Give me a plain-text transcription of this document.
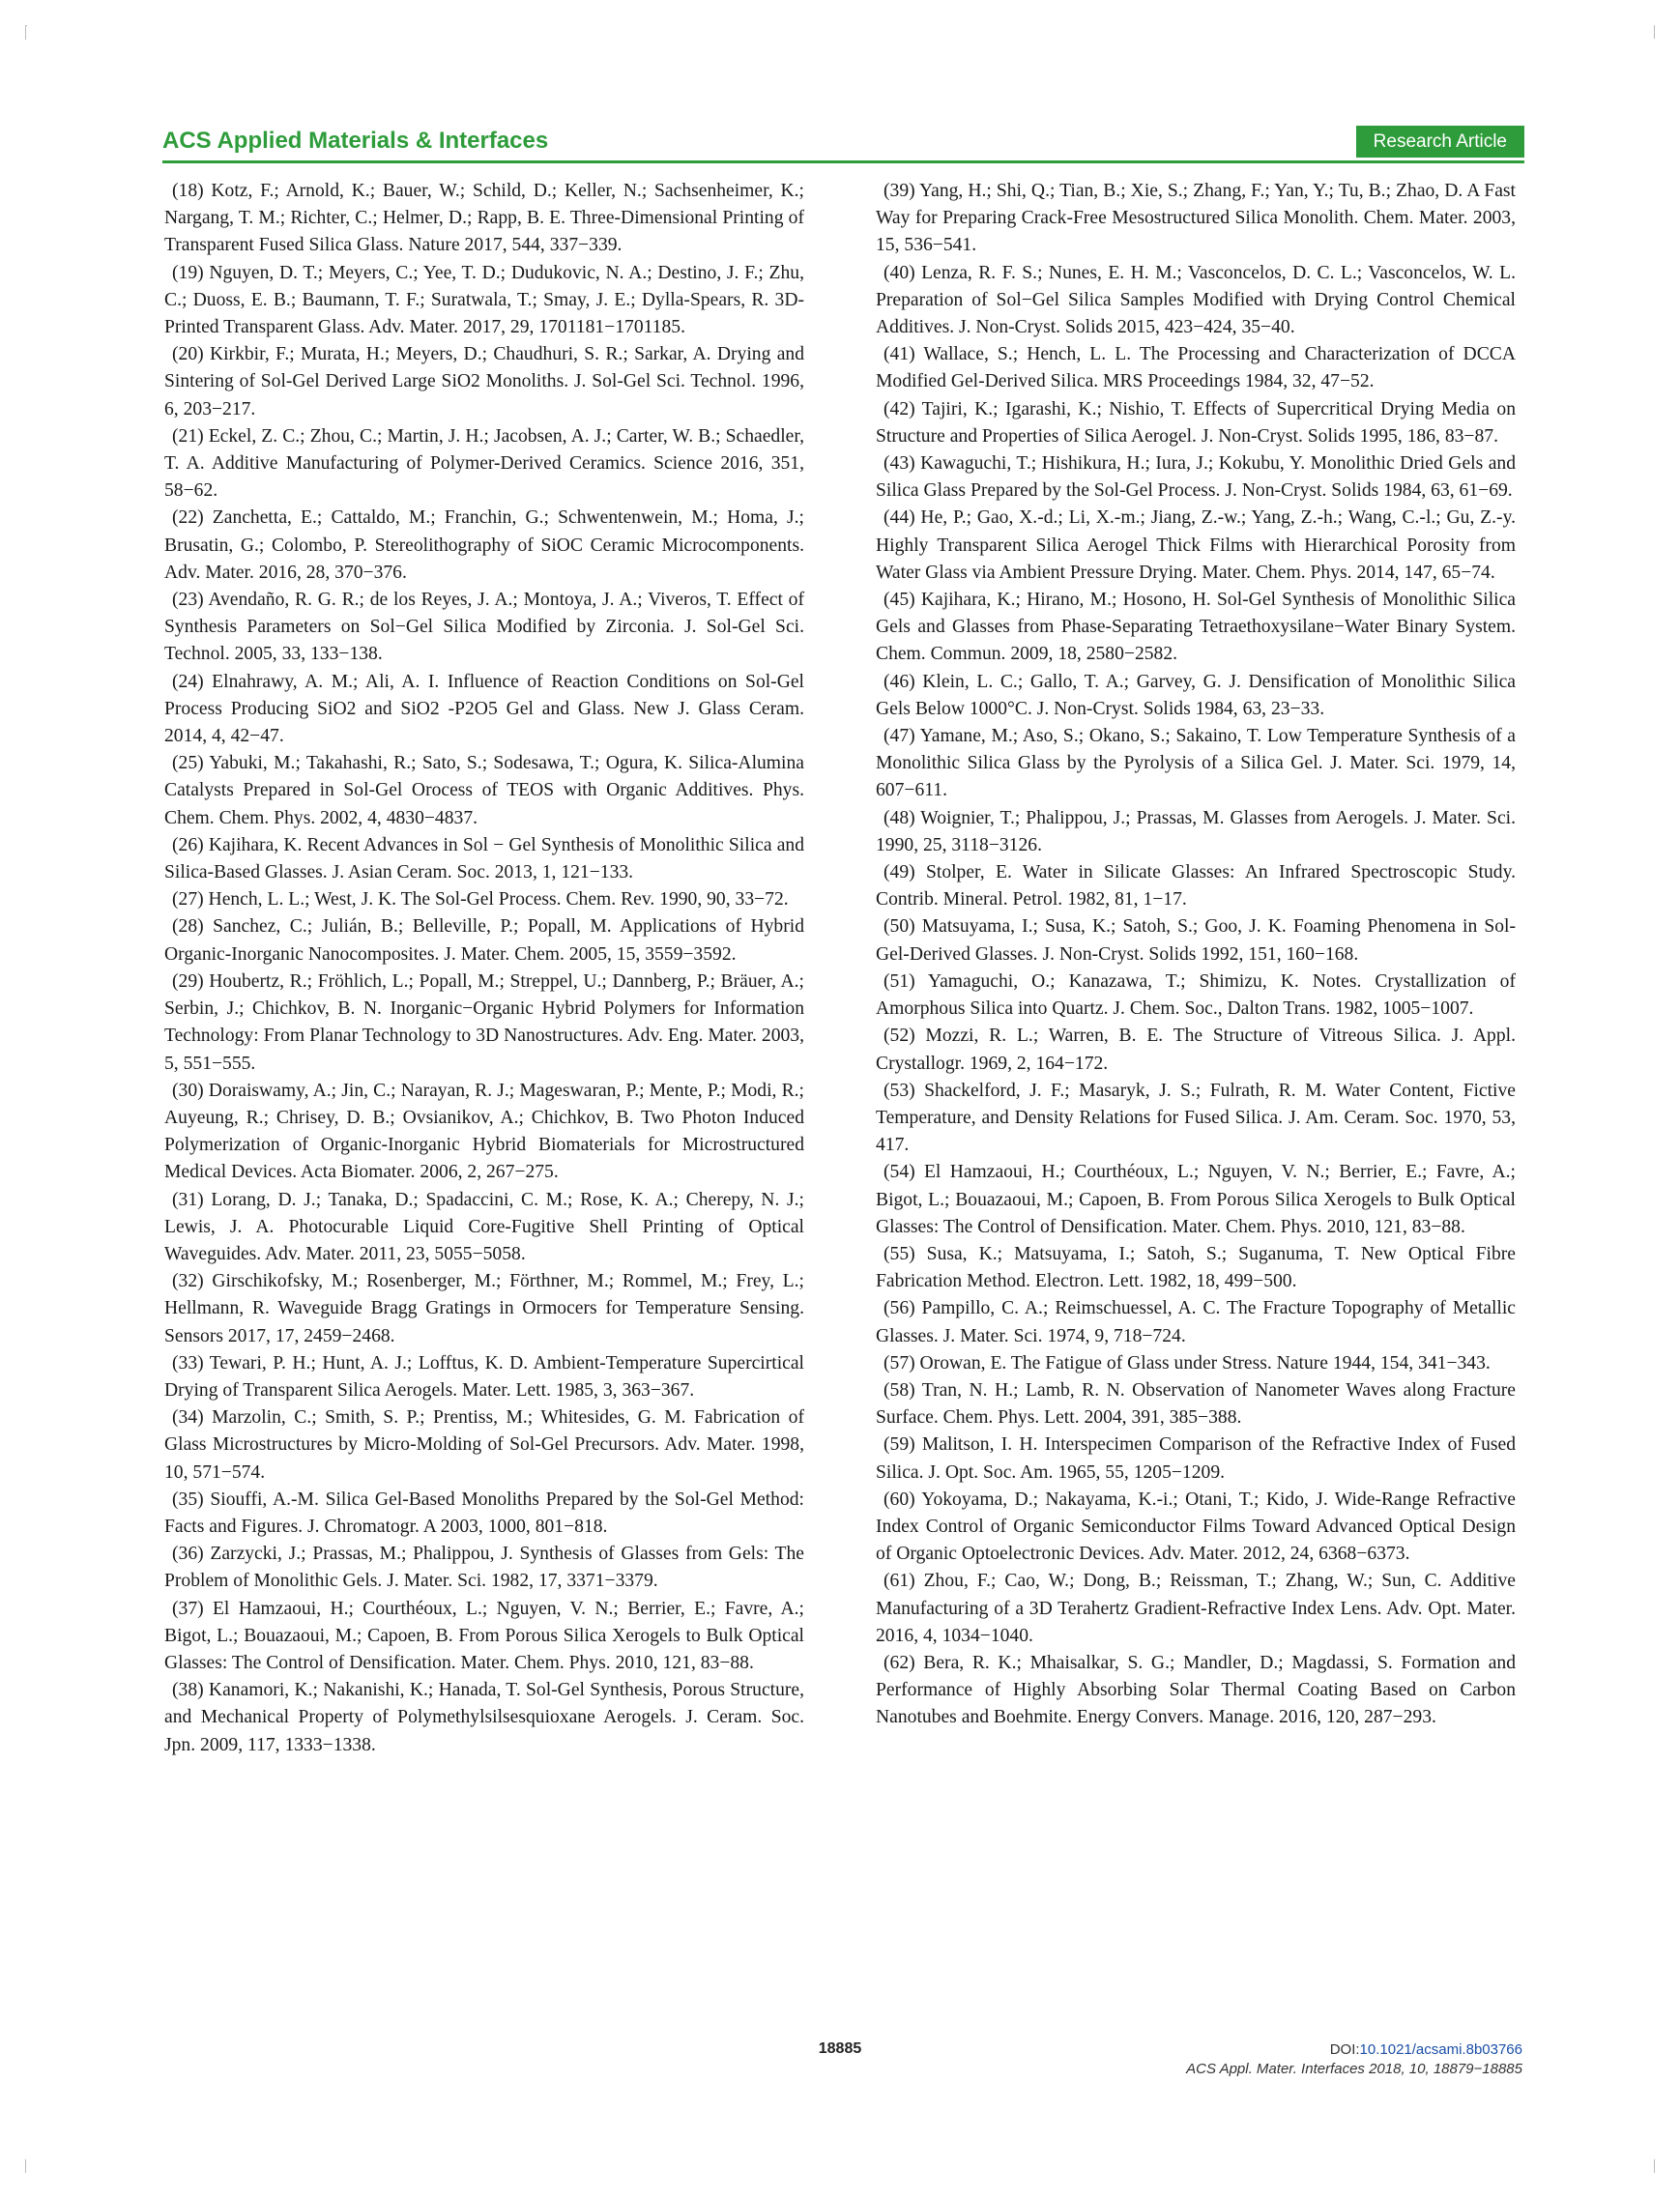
ACS Applied Materials & Interfaces	Research Article

(18) Kotz, F.; Arnold, K.; Bauer, W.; Schild, D.; Keller, N.; Sachsenheimer, K.; Nargang, T. M.; Richter, C.; Helmer, D.; Rapp, B. E. Three-Dimensional Printing of Transparent Fused Silica Glass. Nature 2017, 544, 337−339.

(19) Nguyen, D. T.; Meyers, C.; Yee, T. D.; Dudukovic, N. A.; Destino, J. F.; Zhu, C.; Duoss, E. B.; Baumann, T. F.; Suratwala, T.; Smay, J. E.; Dylla-Spears, R. 3D-Printed Transparent Glass. Adv. Mater. 2017, 29, 1701181−1701185.

(20) Kirkbir, F.; Murata, H.; Meyers, D.; Chaudhuri, S. R.; Sarkar, A. Drying and Sintering of Sol-Gel Derived Large SiO2 Monoliths. J. Sol-Gel Sci. Technol. 1996, 6, 203−217.

(21) Eckel, Z. C.; Zhou, C.; Martin, J. H.; Jacobsen, A. J.; Carter, W. B.; Schaedler, T. A. Additive Manufacturing of Polymer-Derived Ceramics. Science 2016, 351, 58−62.

(22) Zanchetta, E.; Cattaldo, M.; Franchin, G.; Schwentenwein, M.; Homa, J.; Brusatin, G.; Colombo, P. Stereolithography of SiOC Ceramic Microcomponents. Adv. Mater. 2016, 28, 370−376.

(23) Avendaño, R. G. R.; de los Reyes, J. A.; Montoya, J. A.; Viveros, T. Effect of Synthesis Parameters on Sol−Gel Silica Modified by Zirconia. J. Sol-Gel Sci. Technol. 2005, 33, 133−138.

(24) Elnahrawy, A. M.; Ali, A. I. Influence of Reaction Conditions on Sol-Gel Process Producing SiO2 and SiO2 -P2O5 Gel and Glass. New J. Glass Ceram. 2014, 4, 42−47.

(25) Yabuki, M.; Takahashi, R.; Sato, S.; Sodesawa, T.; Ogura, K. Silica-Alumina Catalysts Prepared in Sol-Gel Orocess of TEOS with Organic Additives. Phys. Chem. Chem. Phys. 2002, 4, 4830−4837.

(26) Kajihara, K. Recent Advances in Sol − Gel Synthesis of Monolithic Silica and Silica-Based Glasses. J. Asian Ceram. Soc. 2013, 1, 121−133.

(27) Hench, L. L.; West, J. K. The Sol-Gel Process. Chem. Rev. 1990, 90, 33−72.

(28) Sanchez, C.; Julián, B.; Belleville, P.; Popall, M. Applications of Hybrid Organic-Inorganic Nanocomposites. J. Mater. Chem. 2005, 15, 3559−3592.

(29) Houbertz, R.; Fröhlich, L.; Popall, M.; Streppel, U.; Dannberg, P.; Bräuer, A.; Serbin, J.; Chichkov, B. N. Inorganic−Organic Hybrid Polymers for Information Technology: From Planar Technology to 3D Nanostructures. Adv. Eng. Mater. 2003, 5, 551−555.

(30) Doraiswamy, A.; Jin, C.; Narayan, R. J.; Mageswaran, P.; Mente, P.; Modi, R.; Auyeung, R.; Chrisey, D. B.; Ovsianikov, A.; Chichkov, B. Two Photon Induced Polymerization of Organic-Inorganic Hybrid Biomaterials for Microstructured Medical Devices. Acta Biomater. 2006, 2, 267−275.

(31) Lorang, D. J.; Tanaka, D.; Spadaccini, C. M.; Rose, K. A.; Cherepy, N. J.; Lewis, J. A. Photocurable Liquid Core-Fugitive Shell Printing of Optical Waveguides. Adv. Mater. 2011, 23, 5055−5058.

(32) Girschikofsky, M.; Rosenberger, M.; Förthner, M.; Rommel, M.; Frey, L.; Hellmann, R. Waveguide Bragg Gratings in Ormocers for Temperature Sensing. Sensors 2017, 17, 2459−2468.

(33) Tewari, P. H.; Hunt, A. J.; Lofftus, K. D. Ambient-Temperature Supercirtical Drying of Transparent Silica Aerogels. Mater. Lett. 1985, 3, 363−367.

(34) Marzolin, C.; Smith, S. P.; Prentiss, M.; Whitesides, G. M. Fabrication of Glass Microstructures by Micro-Molding of Sol-Gel Precursors. Adv. Mater. 1998, 10, 571−574.

(35) Siouffi, A.-M. Silica Gel-Based Monoliths Prepared by the Sol-Gel Method: Facts and Figures. J. Chromatogr. A 2003, 1000, 801−818.

(36) Zarzycki, J.; Prassas, M.; Phalippou, J. Synthesis of Glasses from Gels: The Problem of Monolithic Gels. J. Mater. Sci. 1982, 17, 3371−3379.

(37) El Hamzaoui, H.; Courthéoux, L.; Nguyen, V. N.; Berrier, E.; Favre, A.; Bigot, L.; Bouazaoui, M.; Capoen, B. From Porous Silica Xerogels to Bulk Optical Glasses: The Control of Densification. Mater. Chem. Phys. 2010, 121, 83−88.

(38) Kanamori, K.; Nakanishi, K.; Hanada, T. Sol-Gel Synthesis, Porous Structure, and Mechanical Property of Polymethylsilsesquioxane Aerogels. J. Ceram. Soc. Jpn. 2009, 117, 1333−1338.

(39) Yang, H.; Shi, Q.; Tian, B.; Xie, S.; Zhang, F.; Yan, Y.; Tu, B.; Zhao, D. A Fast Way for Preparing Crack-Free Mesostructured Silica Monolith. Chem. Mater. 2003, 15, 536−541.

(40) Lenza, R. F. S.; Nunes, E. H. M.; Vasconcelos, D. C. L.; Vasconcelos, W. L. Preparation of Sol−Gel Silica Samples Modified with Drying Control Chemical Additives. J. Non-Cryst. Solids 2015, 423−424, 35−40.

(41) Wallace, S.; Hench, L. L. The Processing and Characterization of DCCA Modified Gel-Derived Silica. MRS Proceedings 1984, 32, 47−52.

(42) Tajiri, K.; Igarashi, K.; Nishio, T. Effects of Supercritical Drying Media on Structure and Properties of Silica Aerogel. J. Non-Cryst. Solids 1995, 186, 83−87.

(43) Kawaguchi, T.; Hishikura, H.; Iura, J.; Kokubu, Y. Monolithic Dried Gels and Silica Glass Prepared by the Sol-Gel Process. J. Non-Cryst. Solids 1984, 63, 61−69.

(44) He, P.; Gao, X.-d.; Li, X.-m.; Jiang, Z.-w.; Yang, Z.-h.; Wang, C.-l.; Gu, Z.-y. Highly Transparent Silica Aerogel Thick Films with Hierarchical Porosity from Water Glass via Ambient Pressure Drying. Mater. Chem. Phys. 2014, 147, 65−74.

(45) Kajihara, K.; Hirano, M.; Hosono, H. Sol-Gel Synthesis of Monolithic Silica Gels and Glasses from Phase-Separating Tetraethoxysilane−Water Binary System. Chem. Commun. 2009, 18, 2580−2582.

(46) Klein, L. C.; Gallo, T. A.; Garvey, G. J. Densification of Monolithic Silica Gels Below 1000°C. J. Non-Cryst. Solids 1984, 63, 23−33.

(47) Yamane, M.; Aso, S.; Okano, S.; Sakaino, T. Low Temperature Synthesis of a Monolithic Silica Glass by the Pyrolysis of a Silica Gel. J. Mater. Sci. 1979, 14, 607−611.

(48) Woignier, T.; Phalippou, J.; Prassas, M. Glasses from Aerogels. J. Mater. Sci. 1990, 25, 3118−3126.

(49) Stolper, E. Water in Silicate Glasses: An Infrared Spectroscopic Study. Contrib. Mineral. Petrol. 1982, 81, 1−17.

(50) Matsuyama, I.; Susa, K.; Satoh, S.; Goo, J. K. Foaming Phenomena in Sol-Gel-Derived Glasses. J. Non-Cryst. Solids 1992, 151, 160−168.

(51) Yamaguchi, O.; Kanazawa, T.; Shimizu, K. Notes. Crystallization of Amorphous Silica into Quartz. J. Chem. Soc., Dalton Trans. 1982, 1005−1007.

(52) Mozzi, R. L.; Warren, B. E. The Structure of Vitreous Silica. J. Appl. Crystallogr. 1969, 2, 164−172.

(53) Shackelford, J. F.; Masaryk, J. S.; Fulrath, R. M. Water Content, Fictive Temperature, and Density Relations for Fused Silica. J. Am. Ceram. Soc. 1970, 53, 417.

(54) El Hamzaoui, H.; Courthéoux, L.; Nguyen, V. N.; Berrier, E.; Favre, A.; Bigot, L.; Bouazaoui, M.; Capoen, B. From Porous Silica Xerogels to Bulk Optical Glasses: The Control of Densification. Mater. Chem. Phys. 2010, 121, 83−88.

(55) Susa, K.; Matsuyama, I.; Satoh, S.; Suganuma, T. New Optical Fibre Fabrication Method. Electron. Lett. 1982, 18, 499−500.

(56) Pampillo, C. A.; Reimschuessel, A. C. The Fracture Topography of Metallic Glasses. J. Mater. Sci. 1974, 9, 718−724.

(57) Orowan, E. The Fatigue of Glass under Stress. Nature 1944, 154, 341−343.

(58) Tran, N. H.; Lamb, R. N. Observation of Nanometer Waves along Fracture Surface. Chem. Phys. Lett. 2004, 391, 385−388.

(59) Malitson, I. H. Interspecimen Comparison of the Refractive Index of Fused Silica. J. Opt. Soc. Am. 1965, 55, 1205−1209.

(60) Yokoyama, D.; Nakayama, K.-i.; Otani, T.; Kido, J. Wide-Range Refractive Index Control of Organic Semiconductor Films Toward Advanced Optical Design of Organic Optoelectronic Devices. Adv. Mater. 2012, 24, 6368−6373.

(61) Zhou, F.; Cao, W.; Dong, B.; Reissman, T.; Zhang, W.; Sun, C. Additive Manufacturing of a 3D Terahertz Gradient-Refractive Index Lens. Adv. Opt. Mater. 2016, 4, 1034−1040.

(62) Bera, R. K.; Mhaisalkar, S. G.; Mandler, D.; Magdassi, S. Formation and Performance of Highly Absorbing Solar Thermal Coating Based on Carbon Nanotubes and Boehmite. Energy Convers. Manage. 2016, 120, 287−293.

18885	DOI:10.1021/acsami.8b03766
ACS Appl. Mater. Interfaces 2018, 10, 18879−18885
